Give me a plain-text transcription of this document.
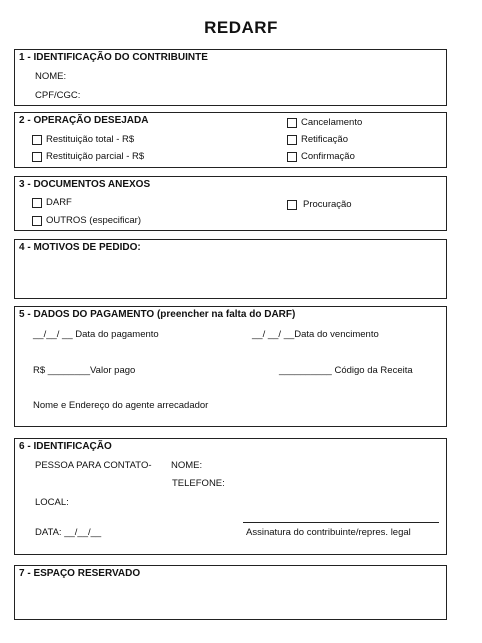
REDARF
1 - IDENTIFICAÇÃO DO CONTRIBUINTE
NOME:
CPF/CGC:
2 - OPERAÇÃO DESEJADA
Restituição total - R$
Restituição parcial - R$
Cancelamento
Retificação
Confirmação
3 - DOCUMENTOS ANEXOS
DARF
OUTROS (especificar)
Procuração
4 - MOTIVOS DE PEDIDO:
5 - DADOS DO PAGAMENTO (preencher na falta do DARF)
__/__/ __ Data do pagamento	__/ __/ __Data do vencimento
R$ ________Valor pago	__________ Código da Receita
Nome e Endereço do agente arrecadador
6 - IDENTIFICAÇÃO
PESSOA PARA CONTATO- NOME:
TELEFONE:
LOCAL:
DATA: __/__/__	Assinatura do contribuinte/repres. legal
7 - ESPAÇO RESERVADO
